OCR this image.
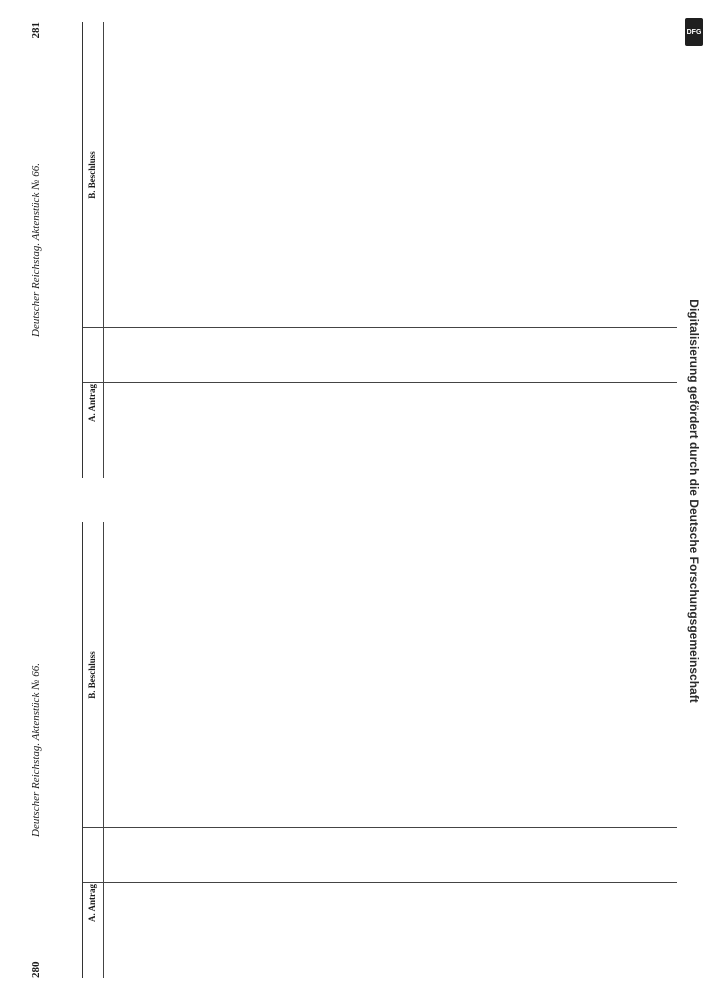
280
Deutscher Reichstag. Aktenstück № 66.
A. Antrag
B. Beschluss
Deutscher Reichstag. Aktenstück № 66.
281
A. Antrag
B. Beschluss
DFG
Digitalisierung gefördert durch die Deutsche Forschungsgemeinschaft
